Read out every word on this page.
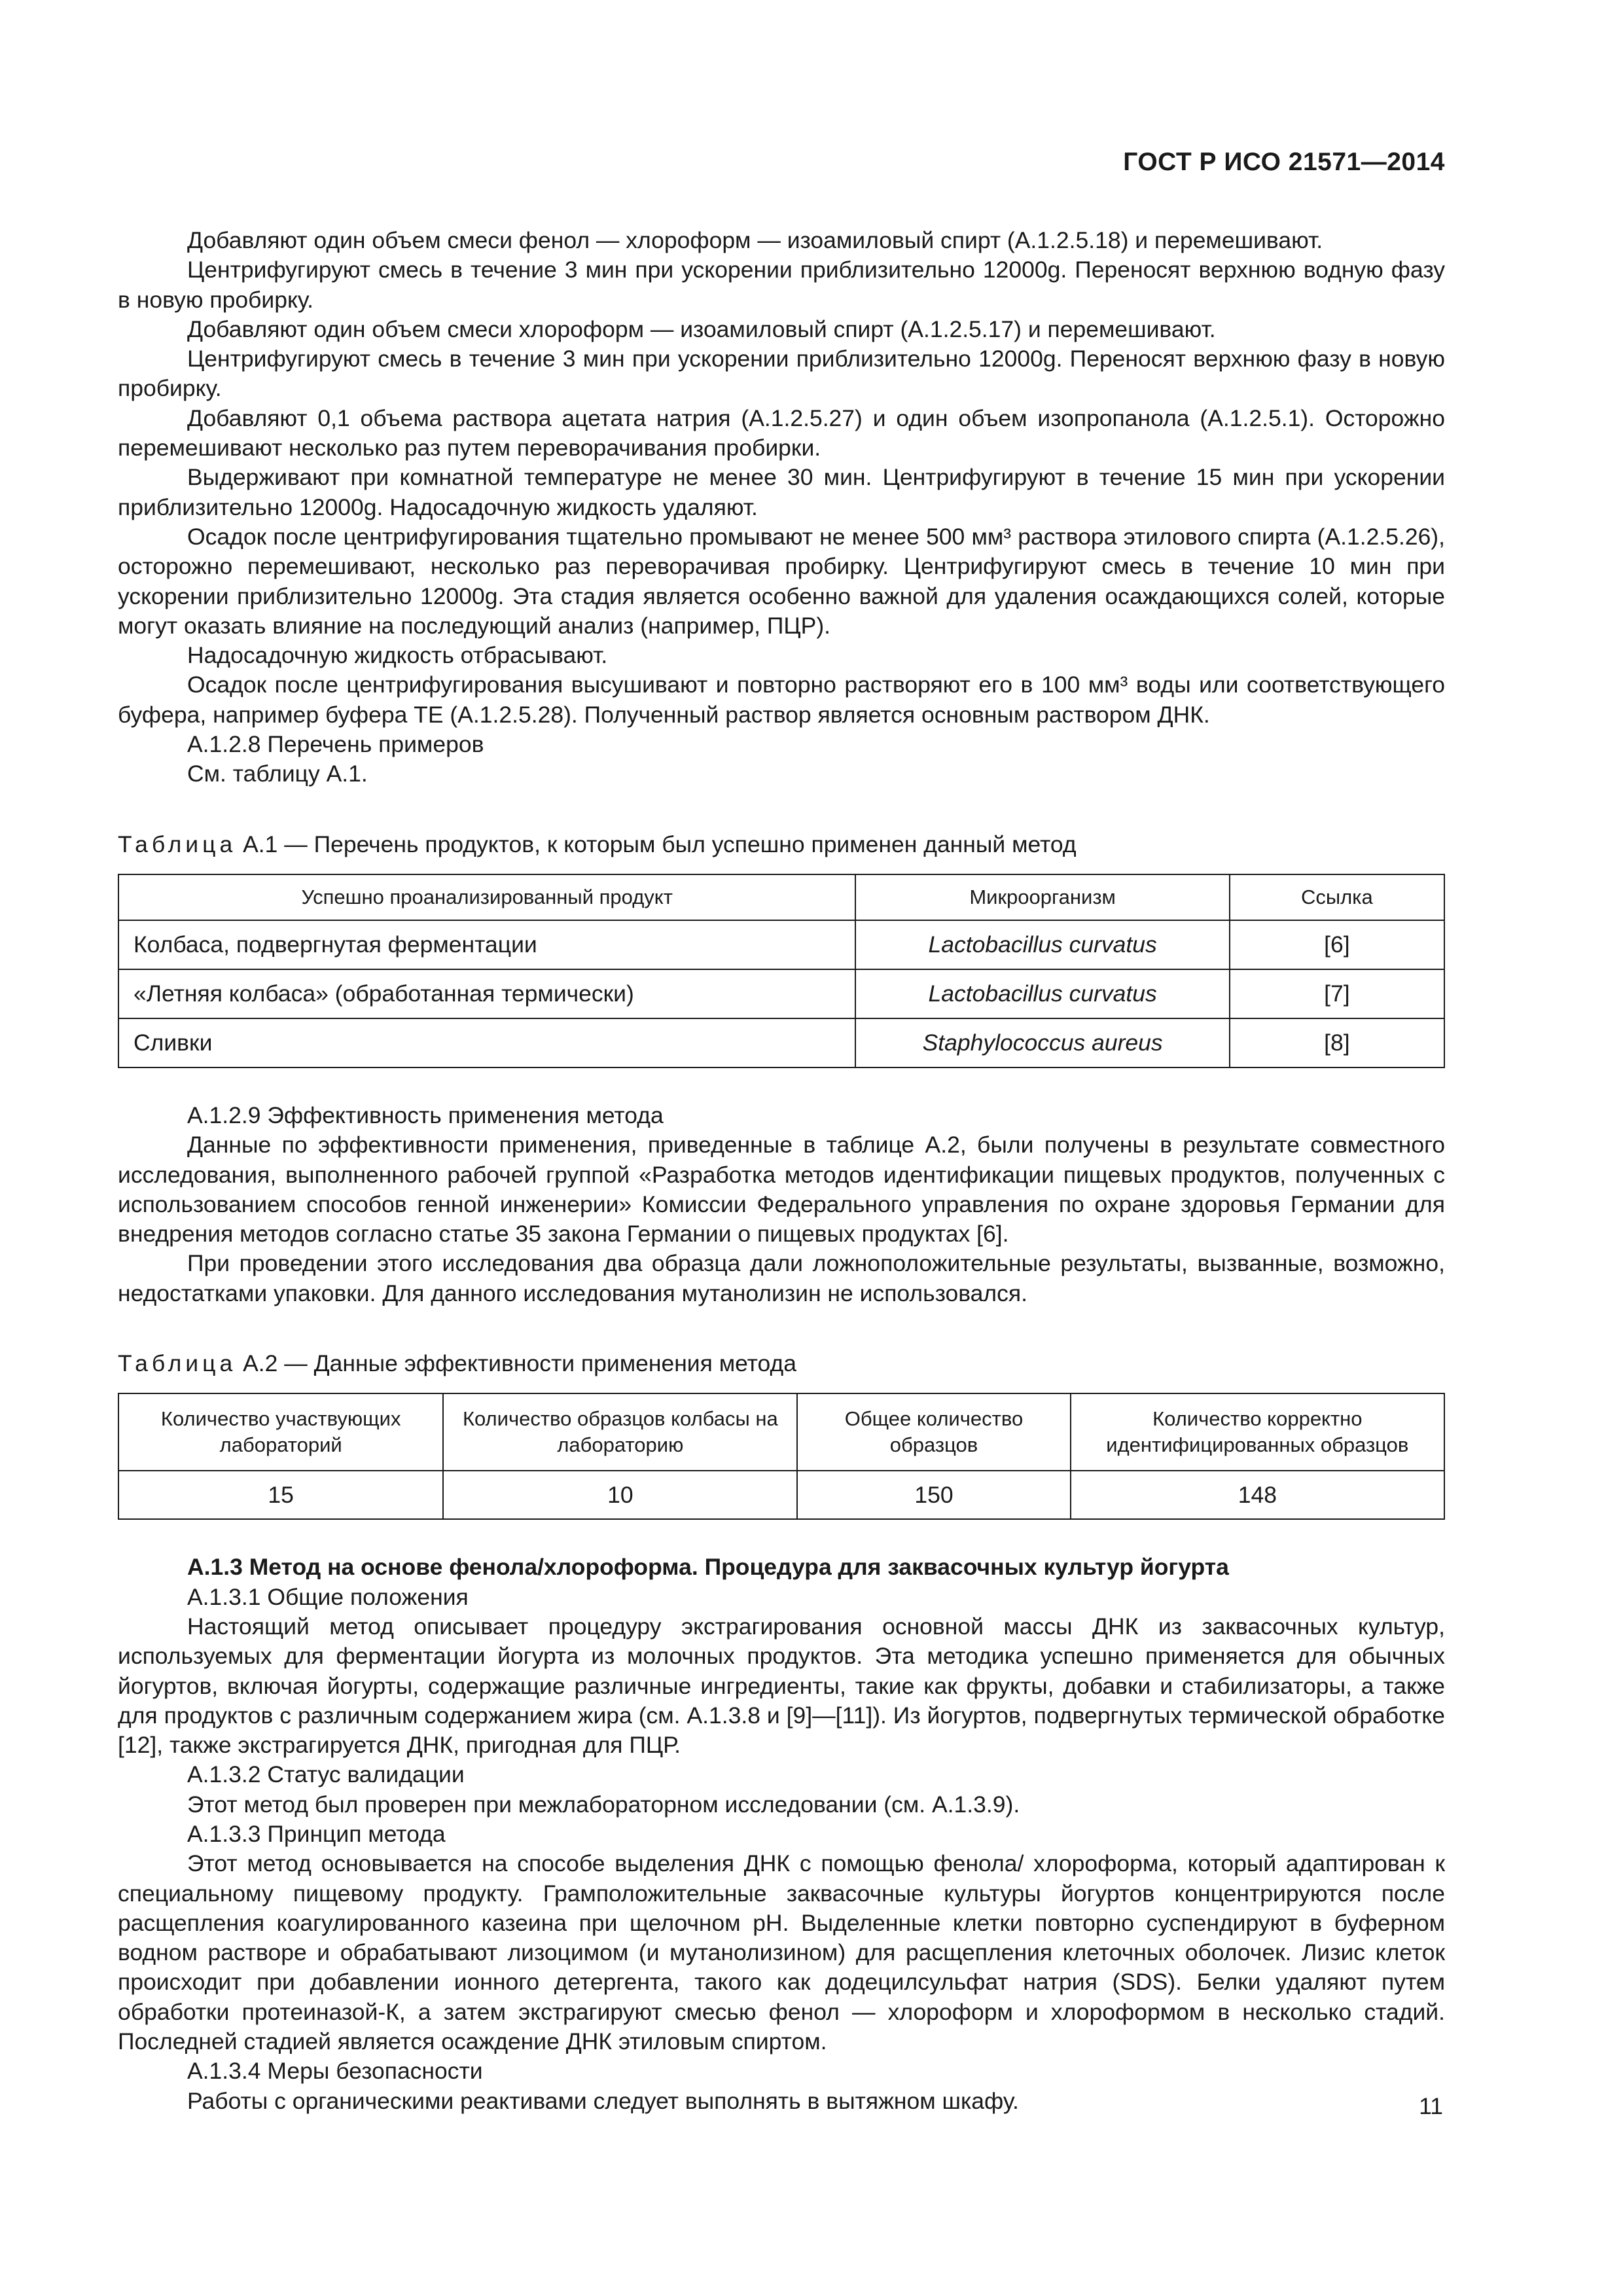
ГОСТ Р ИСО 21571—2014

Добавляют один объем смеси фенол — хлороформ — изоамиловый спирт (А.1.2.5.18) и перемешивают.

Центрифугируют смесь в течение 3 мин при ускорении приблизительно 12000g. Переносят верхнюю водную фазу в новую пробирку.

Добавляют один объем смеси хлороформ — изоамиловый спирт (А.1.2.5.17) и перемешивают.

Центрифугируют смесь в течение 3 мин при ускорении приблизительно 12000g. Переносят верхнюю фазу в новую пробирку.

Добавляют 0,1 объема раствора ацетата натрия (А.1.2.5.27) и один объем изопропанола (А.1.2.5.1). Осторожно перемешивают несколько раз путем переворачивания пробирки.

Выдерживают при комнатной температуре не менее 30 мин. Центрифугируют в течение 15 мин при ускорении приблизительно 12000g. Надосадочную жидкость удаляют.

Осадок после центрифугирования тщательно промывают не менее 500 мм³ раствора этилового спирта (А.1.2.5.26), осторожно перемешивают, несколько раз переворачивая пробирку. Центрифугируют смесь в течение 10 мин при ускорении приблизительно 12000g. Эта стадия является особенно важной для удаления осаждающихся солей, которые могут оказать влияние на последующий анализ (например, ПЦР).

Надосадочную жидкость отбрасывают.

Осадок после центрифугирования высушивают и повторно растворяют его в 100 мм³ воды или соответствующего буфера, например буфера ТЕ (А.1.2.5.28). Полученный раствор является основным раствором ДНК.

А.1.2.8 Перечень примеров

См. таблицу А.1.

Таблица А.1 — Перечень продуктов, к которым был успешно применен данный метод
Успешно проанализированный продукт	Микроорганизм	Ссылка
Колбаса, подвергнутая ферментации	Lactobacillus curvatus	[6]
«Летняя колбаса» (обработанная термически)	Lactobacillus curvatus	[7]
Сливки	Staphylococcus aureus	[8]

А.1.2.9 Эффективность применения метода

Данные по эффективности применения, приведенные в таблице А.2, были получены в результате совместного исследования, выполненного рабочей группой «Разработка методов идентификации пищевых продуктов, полученных с использованием способов генной инженерии» Комиссии Федерального управления по охране здоровья Германии для внедрения методов согласно статье 35 закона Германии о пищевых продуктах [6].

При проведении этого исследования два образца дали ложноположительные результаты, вызванные, возможно, недостатками упаковки. Для данного исследования мутанолизин не использовался.

Таблица А.2 — Данные эффективности применения метода
Количество участвующих лабораторий	Количество образцов колбасы на лабораторию	Общее количество образцов	Количество корректно идентифицированных образцов
15	10	150	148

А.1.3 Метод на основе фенола/хлороформа. Процедура для заквасочных культур йогурта

А.1.3.1 Общие положения

Настоящий метод описывает процедуру экстрагирования основной массы ДНК из заквасочных культур, используемых для ферментации йогурта из молочных продуктов. Эта методика успешно применяется для обычных йогуртов, включая йогурты, содержащие различные ингредиенты, такие как фрукты, добавки и стабилизаторы, а также для продуктов с различным содержанием жира (см. А.1.3.8 и [9]—[11]). Из йогуртов, подвергнутых термической обработке [12], также экстрагируется ДНК, пригодная для ПЦР.

А.1.3.2 Статус валидации

Этот метод был проверен при межлабораторном исследовании (см. А.1.3.9).

А.1.3.3 Принцип метода

Этот метод основывается на способе выделения ДНК с помощью фенола/ хлороформа, который адаптирован к специальному пищевому продукту. Грамположительные заквасочные культуры йогуртов концентрируются после расщепления коагулированного казеина при щелочном pH. Выделенные клетки повторно суспендируют в буферном водном растворе и обрабатывают лизоцимом (и мутанолизином) для расщепления клеточных оболочек. Лизис клеток происходит при добавлении ионного детергента, такого как додецилсульфат натрия (SDS). Белки удаляют путем обработки протеиназой-К, а затем экстрагируют смесью фенол — хлороформ и хлороформом в несколько стадий. Последней стадией является осаждение ДНК этиловым спиртом.

А.1.3.4 Меры безопасности

Работы с органическими реактивами следует выполнять в вытяжном шкафу.	11
